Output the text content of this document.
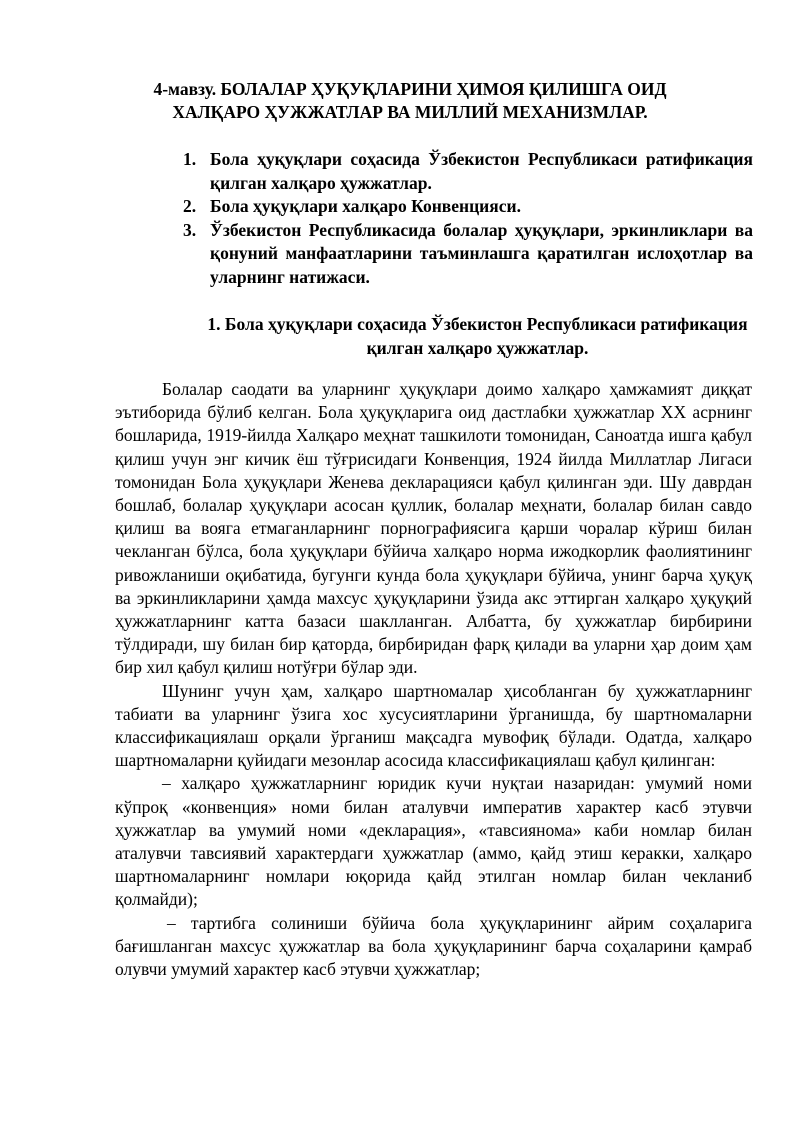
4-мавзу. БОЛАЛАР ҲУҚУҚЛАРИНИ ҲИМОЯ ҚИЛИШГА ОИД ХАЛҚАРО ҲУЖЖАТЛАР ВА МИЛЛИЙ МЕХАНИЗМЛАР.
1. Бола ҳуқуқлари соҳасида Ўзбекистон Республикаси ратификация қилган халқаро ҳужжатлар.
2. Бола ҳуқуқлари халқаро Конвенцияси.
3. Ўзбекистон Республикасида болалар ҳуқуқлари, эркинликлари ва қонуний манфаатларини таъминлашга қаратилган ислоҳотлар ва уларнинг натижаси.
1. Бола ҳуқуқлари соҳасида Ўзбекистон Республикаси ратификация қилган халқаро ҳужжатлар.

Болалар саодати ва уларнинг ҳуқуқлари доимо халқаро ҳамжамият диққат эътиборида бўлиб келган. Бола ҳуқуқларига оид дастлабки ҳужжатлар ХХ асрнинг бошларида, 1919-йилда Халқаро меҳнат ташкилоти томонидан, Саноатда ишга қабул қилиш учун энг кичик ёш тўғрисидаги Конвенция, 1924 йилда Миллатлар Лигаси томонидан Бола ҳуқуқлари Женева декларацияси қабул қилинган эди. Шу даврдан бошлаб, болалар ҳуқуқлари асосан қуллик, болалар меҳнати, болалар билан савдо қилиш ва вояга етмаганларнинг порнографиясига қарши чоралар кўриш билан чекланган бўлса, бола ҳуқуқлари бўйича халқаро норма ижодкорлик фаолиятининг ривожланиши оқибатида, бугунги кунда бола ҳуқуқлари бўйича, унинг барча ҳуқуқ ва эркинликларини ҳамда махсус ҳуқуқларини ўзида акс эттирган халқаро ҳуқуқий ҳужжатларнинг катта базаси шаклланган. Албатта, бу ҳужжатлар бирбирини тўлдиради, шу билан бир қаторда, бирбиридан фарқ қилади ва уларни ҳар доим ҳам бир хил қабул қилиш нотўғри бўлар эди.

Шунинг учун ҳам, халқаро шартномалар ҳисобланган бу ҳужжатларнинг табиати ва уларнинг ўзига хос хусусиятларини ўрганишда, бу шартномаларни классификациялаш орқали ўрганиш мақсадга мувофиқ бўлади. Одатда, халқаро шартномаларни қуйидаги мезонлар асосида классификациялаш қабул қилинган:

– халқаро ҳужжатларнинг юридик кучи нуқтаи назаридан: умумий номи кўпроқ «конвенция» номи билан аталувчи императив характер касб этувчи ҳужжатлар ва умумий номи «декларация», «тавсиянома» каби номлар билан аталувчи тавсиявий характердаги ҳужжатлар (аммо, қайд этиш керакки, халқаро шартномаларнинг номлари юқорида қайд этилган номлар билан чекланиб қолмайди);

– тартибга солиниши бўйича бола ҳуқуқларининг айрим соҳаларига бағишланган махсус ҳужжатлар ва бола ҳуқуқларининг барча соҳаларини қамраб олувчи умумий характер касб этувчи ҳужжатлар;
